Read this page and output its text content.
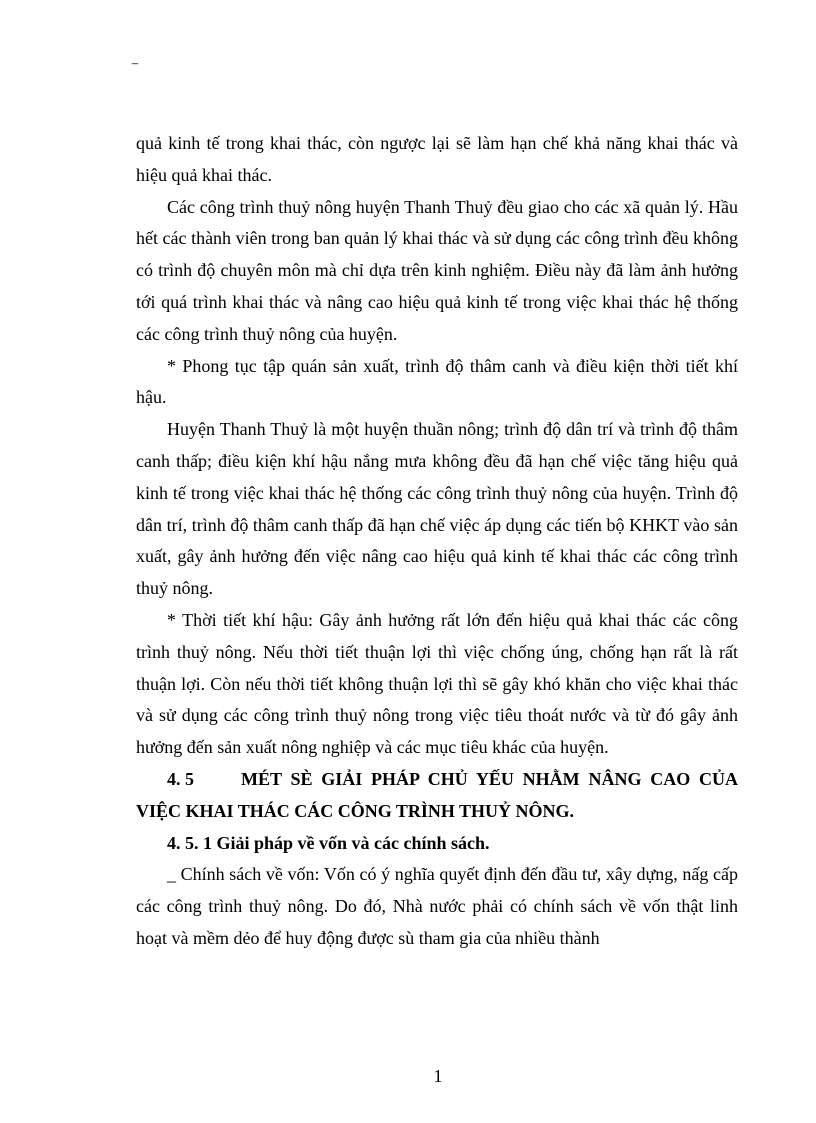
quả kinh tế trong khai thác, còn ngược lại sẽ làm hạn chế khả năng khai thác và hiệu quả khai thác.

Các công trình thuỷ nông huyện Thanh Thuỷ đều giao cho các xã quản lý. Hầu hết các thành viên trong ban quản lý khai thác và sử dụng các công trình đều không có trình độ chuyên môn mà chỉ dựa trên kinh nghiệm. Điều này đã làm ảnh hưởng tới quá trình khai thác và nâng cao hiệu quả kinh tế trong việc khai thác hệ thống các công trình thuỷ nông của huyện.

* Phong tục tập quán sản xuất, trình độ thâm canh và điều kiện thời tiết khí hậu.

Huyện Thanh Thuỷ là một huyện thuần nông; trình độ dân trí và trình độ thâm canh thấp; điều kiện khí hậu nắng mưa không đều đã hạn chế việc tăng hiệu quả kinh tế trong việc khai thác hệ thống các công trình thuỷ nông của huyện. Trình độ dân trí, trình độ thâm canh thấp đã hạn chế việc áp dụng các tiến bộ KHKT vào sản xuất, gây ảnh hưởng đến việc nâng cao hiệu quả kinh tế khai thác các công trình thuỷ nông.

* Thời tiết khí hậu: Gây ảnh hưởng rất lớn đến hiệu quả khai thác các công trình thuỷ nông. Nếu thời tiết thuận lợi thì việc chống úng, chống hạn rất là rất thuận lợi. Còn nếu thời tiết không thuận lợi thì sẽ gây khó khăn cho việc khai thác và sử dụng các công trình thuỷ nông trong việc tiêu thoát nước và từ đó gây ảnh hưởng đến sản xuất nông nghiệp và các mục tiêu khác của huyện.

4. 5	MÉT SÈ GIẢI PHÁP CHỦ YẾU NHẰM NÂNG CAO CỦA VIỆC KHAI THÁC CÁC CÔNG TRÌNH THUỶ NÔNG.

4. 5. 1 Giải pháp về vốn và các chính sách.

_ Chính sách về vốn: Vốn có ý nghĩa quyết định đến đầu tư, xây dựng, nấg cấp các công trình thuỷ nông. Do đó, Nhà nước phải có chính sách về vốn thật linh hoạt và mềm dẻo để huy động được sù tham gia của nhiều thành

1
